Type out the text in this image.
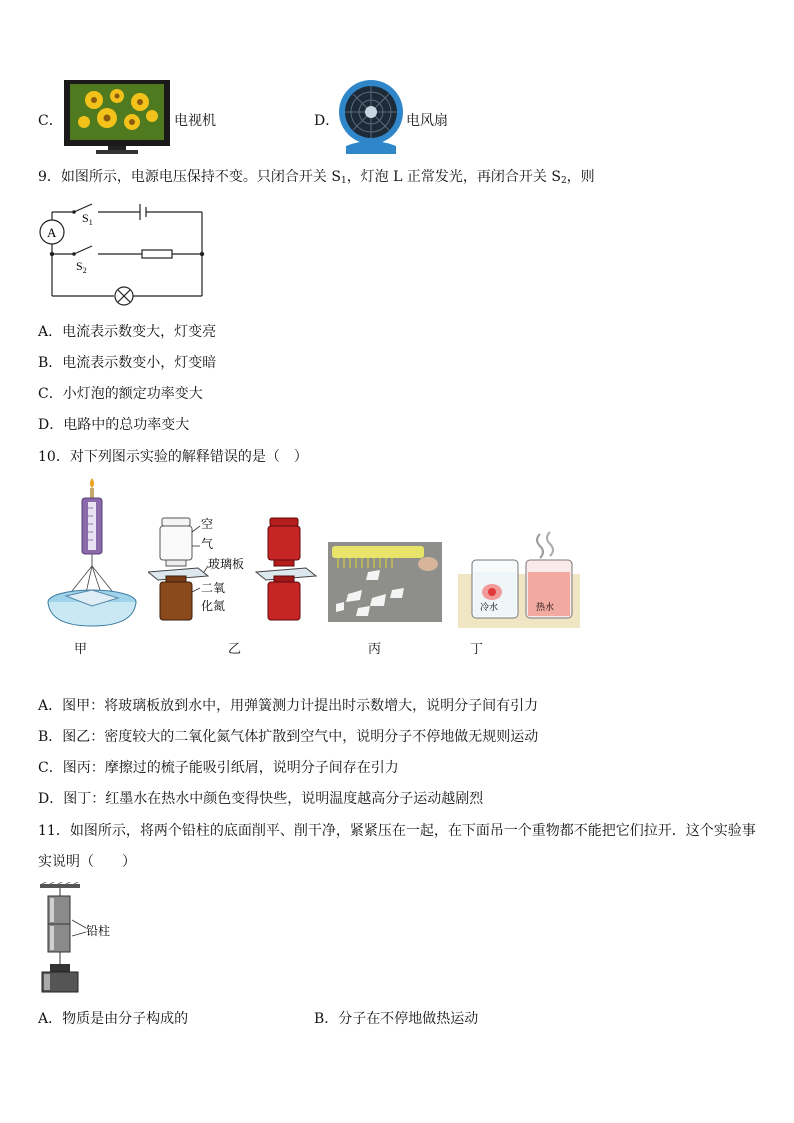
C．	电视机	D．	电风扇
9．如图所示，电源电压保持不变。只闭合开关 $S_1$，灯泡 L 正常发光，再闭合开关 $S_2$，则
A
$S_1$
$S_2$
A．电流表示数变大，灯变亮
B．电流表示数变小，灯变暗
C．小灯泡的额定功率变大
D．电路中的总功率变大
10．对下列图示实验的解释错误的是（　）
甲
空
气
玻璃板
二氧
化氮
乙	丙
冷水	热水
丁
A．图甲：将玻璃板放到水中，用弹簧测力计提出时示数增大，说明分子间有引力
B．图乙：密度较大的二氧化氮气体扩散到空气中，说明分子不停地做无规则运动
C．图丙：摩擦过的梳子能吸引纸屑，说明分子间存在引力
D．图丁：红墨水在热水中颜色变得快些，说明温度越高分子运动越剧烈
11．如图所示，将两个铅柱的底面削平、削干净，紧紧压在一起，在下面吊一个重物都不能把它们拉开．这个实验事
实说明（　　）
铅柱
A．物质是由分子构成的	B．分子在不停地做热运动
